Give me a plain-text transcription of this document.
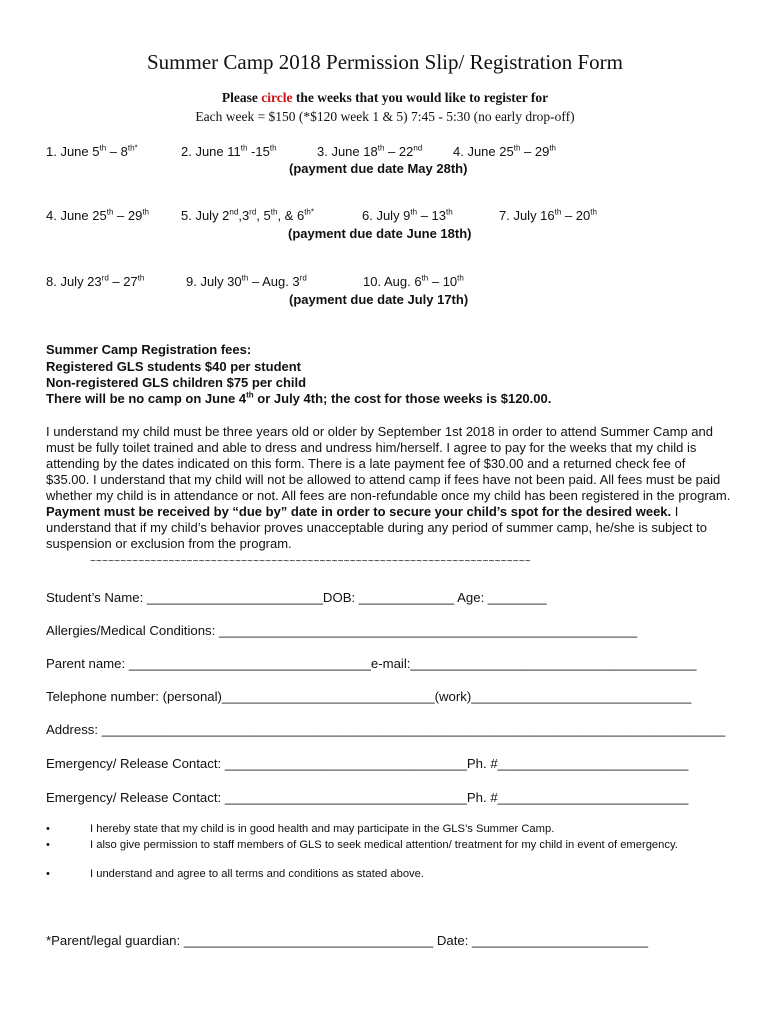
Summer Camp 2018 Permission Slip/ Registration Form
Please circle the weeks that you would like to register for
Each week = $150 (*$120 week 1 & 5) 7:45 - 5:30 (no early drop-off)
1. June $5th - 8^{th*}$	2. June 11th -15th	3. June 18th – 22nd 4. June 25th – 29th
(payment due date May 28th)
4. June 25th – 29th 5. July 2nd,3rd, 5th, & $6^{th*}$	6. July 9th – 13th	7. July 16th – 20th
(payment due date June 18th)
8. July 23rd – 27th	9. July 30th – Aug. 3rd	10. Aug. 6th – 10th
(payment due date July 17th)
Summer Camp Registration fees:
Registered GLS students $40 per student
Non-registered GLS children $75 per child
There will be no camp on June 4th or July 4th; the cost for those weeks is $120.00.
I understand my child must be three years old or older by September 1st 2018 in order to attend Summer Camp and must be fully toilet trained and able to dress and undress him/herself. I agree to pay for the weeks that my child is attending by the dates indicated on this form. There is a late payment fee of $30.00 and a returned check fee of $35.00. I understand that my child will not be allowed to attend camp if fees have not been paid. All fees must be paid whether my child is in attendance or not. All fees are non-refundable once my child has been registered in the program. Payment must be received by “due by” date in order to secure your child’s spot for the desired week. I understand that if my child’s behavior proves unacceptable during any period of summer camp, he/she is subject to suspension or exclusion from the program.
~~~~~~~~~~~~~~~~~~~~~~~~~~~~~~~~~~~~~~~~~~~~~~~~~~~~~~~~~~~~~~~~~~~~~~~~~
Student’s Name: ________________________DOB: _____________ Age: ________
Allergies/Medical Conditions: _________________________________________________________
Parent name: _________________________________e-mail:_______________________________________
Telephone number: (personal)_____________________________(work)______________________________
Address: _____________________________________________________________________________________
Emergency/ Release Contact: _________________________________Ph. #__________________________
Emergency/ Release Contact: _________________________________Ph. #__________________________
•	I hereby state that my child is in good health and may participate in the GLS’s Summer Camp.
•	I also give permission to staff members of GLS to seek medical attention/ treatment for my child in event of emergency.
•	I understand and agree to all terms and conditions as stated above.
*Parent/legal guardian: __________________________________ Date: ________________________
